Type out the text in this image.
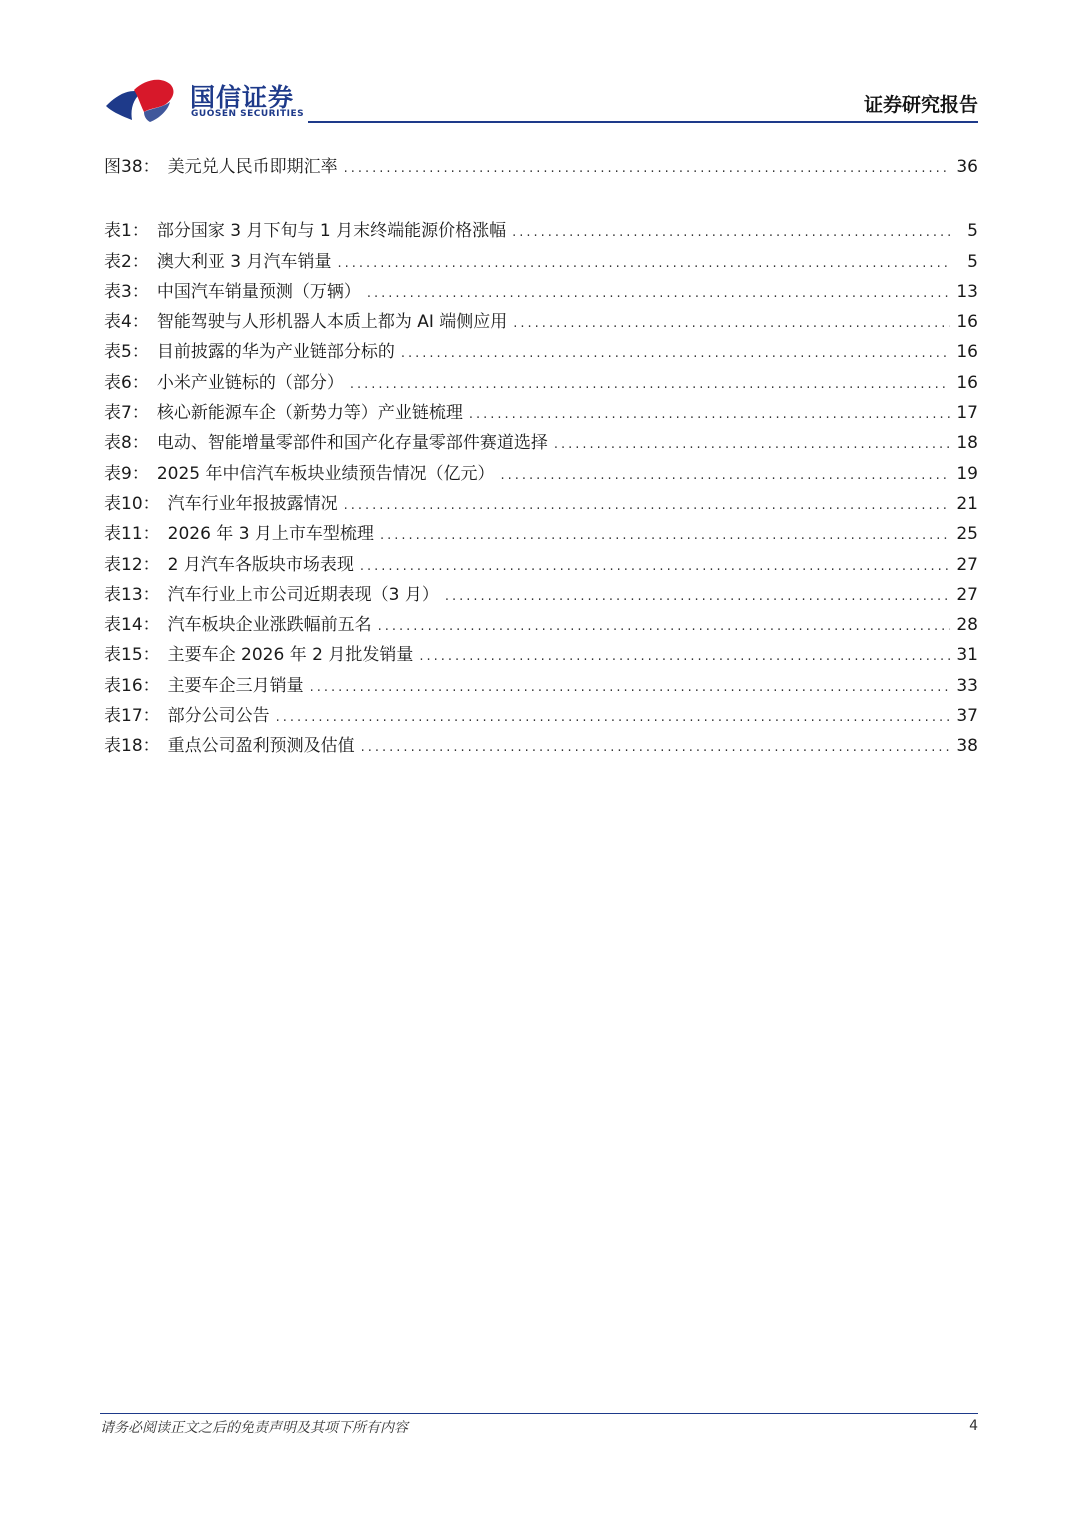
国信证券
GUOSEN SECURITIES	证券研究报告
图38： 美元兑人民币即期汇率 .....	36
表1： 部分国家 3 月下旬与 1 月末终端能源价格涨幅 .....	5
表2： 澳大利亚 3 月汽车销量 .....	5
表3： 中国汽车销量预测（万辆） .....	13
表4： 智能驾驶与人形机器人本质上都为 AI 端侧应用 .....	16
表5： 目前披露的华为产业链部分标的 .....	16
表6： 小米产业链标的（部分） .....	16
表7： 核心新能源车企（新势力等）产业链梳理 .....	17
表8： 电动、智能增量零部件和国产化存量零部件赛道选择 .....	18
表9： 2025 年中信汽车板块业绩预告情况（亿元） .....	19
表10： 汽车行业年报披露情况 .....	21
表11： 2026 年 3 月上市车型梳理 .....	25
表12： 2 月汽车各版块市场表现 .....	27
表13： 汽车行业上市公司近期表现（3 月） .....	27
表14： 汽车板块企业涨跌幅前五名 .....	28
表15： 主要车企 2026 年 2 月批发销量 .....	31
表16： 主要车企三月销量 .....	33
表17： 部分公司公告 .....	37
表18： 重点公司盈利预测及估值 .....	38
请务必阅读正文之后的免责声明及其项下所有内容	4
